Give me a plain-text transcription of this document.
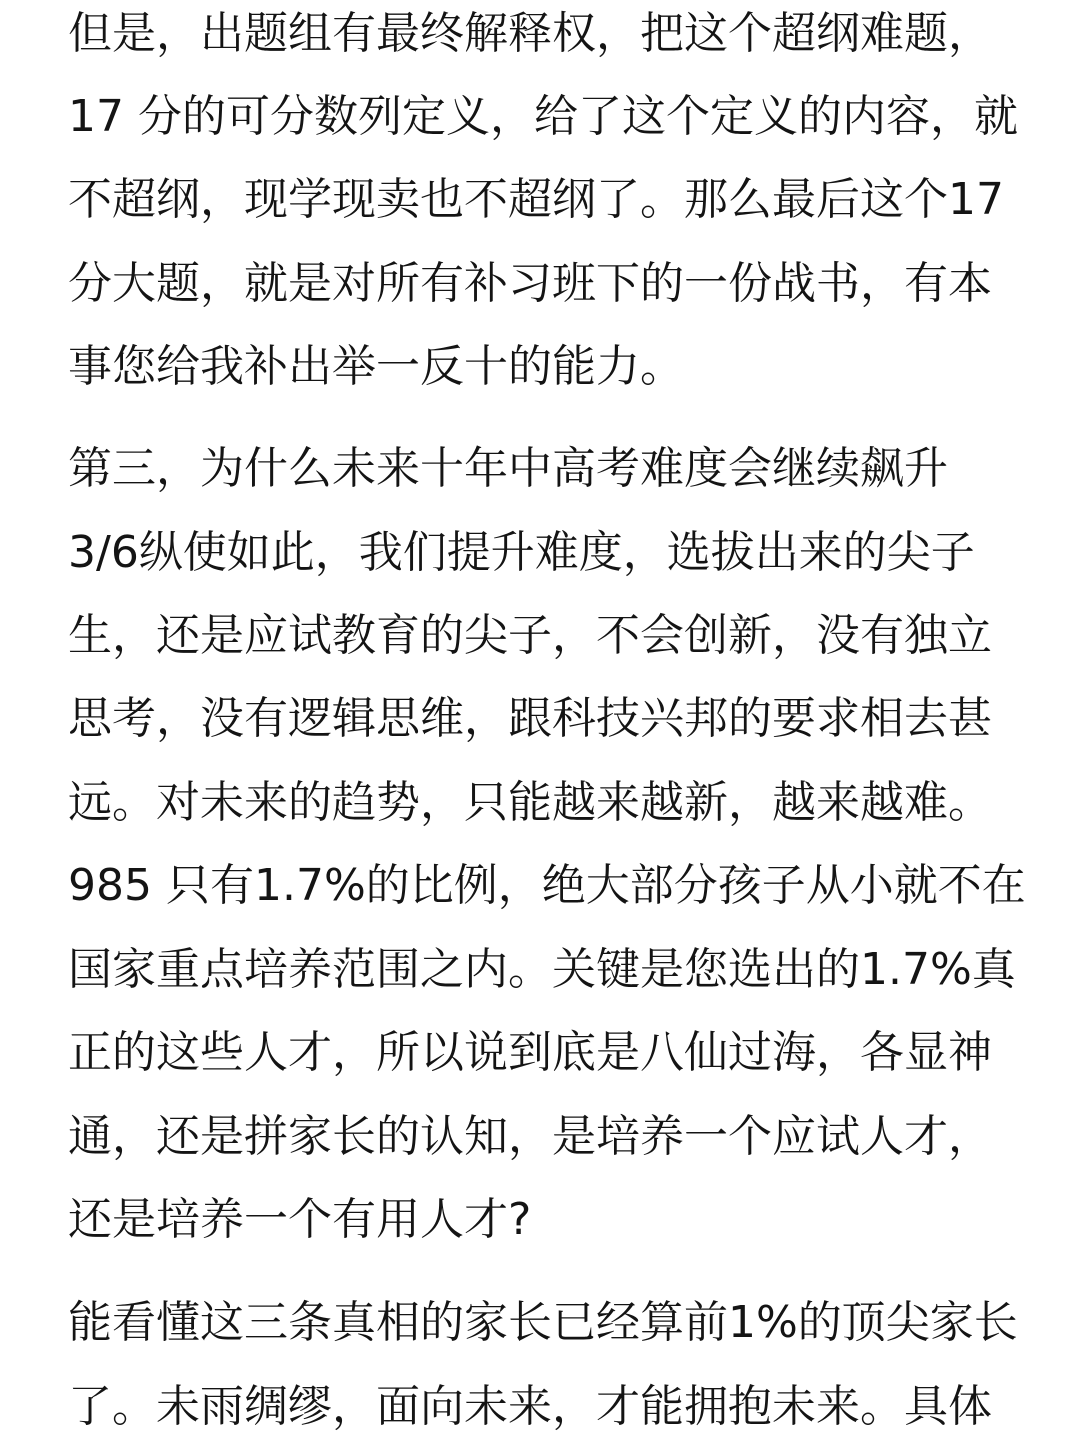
但是，出题组有最终解释权，把这个超纲难题，
17 分的可分数列定义，给了这个定义的内容，就
不超纲，现学现卖也不超纲了。那么最后这个17
分大题，就是对所有补习班下的一份战书，有本
事您给我补出举一反十的能力。
第三，为什么未来十年中高考难度会继续飙升
3/6纵使如此，我们提升难度，选拔出来的尖子
生，还是应试教育的尖子，不会创新，没有独立
思考，没有逻辑思维，跟科技兴邦的要求相去甚
远。对未来的趋势，只能越来越新，越来越难。
985 只有1.7%的比例，绝大部分孩子从小就不在
国家重点培养范围之内。关键是您选出的1.7%真
正的这些人才，所以说到底是八仙过海，各显神
通，还是拼家长的认知，是培养一个应试人才，
还是培养一个有用人才?
能看懂这三条真相的家长已经算前1%的顶尖家长
了。未雨绸缪，面向未来，才能拥抱未来。具体
